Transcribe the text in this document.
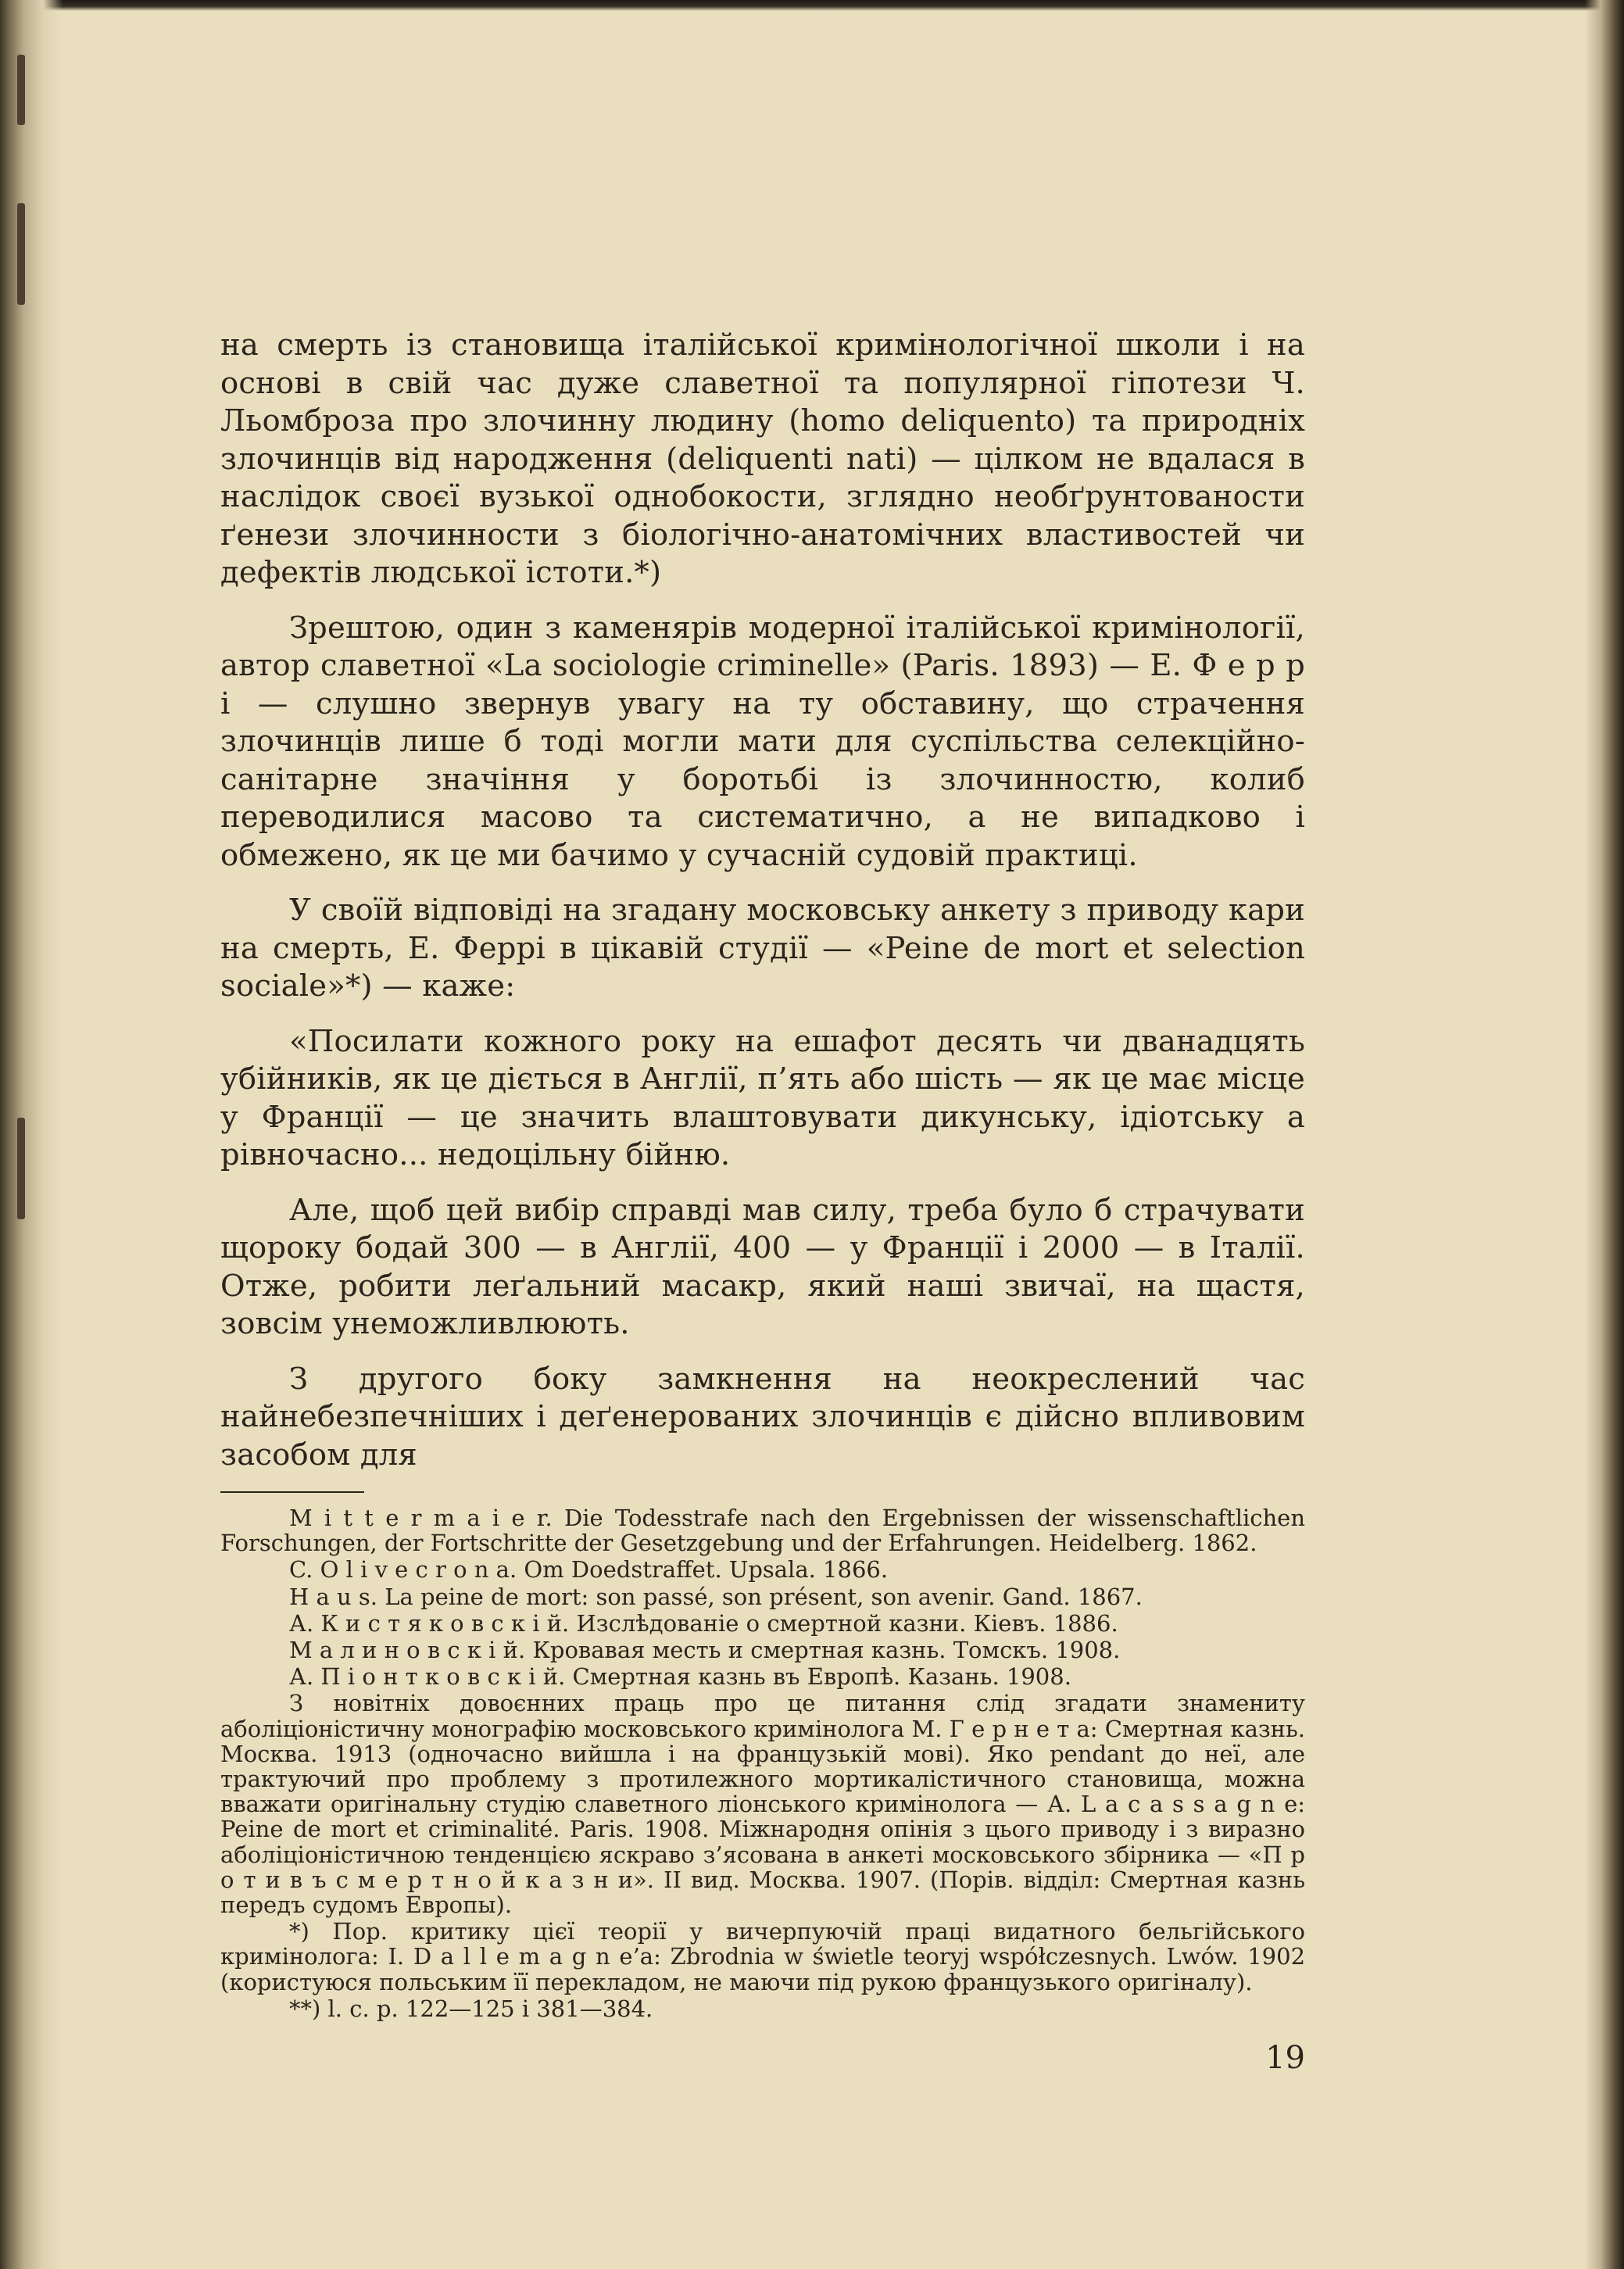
на смерть із становища італійської кримінологічної школи і на основі в свій час дуже славетної та популярної гіпотези Ч. Льомброза про злочинну людину (homo deliquento) та природніх злочинців від народження (deliquenti nati) — цілком не вдалася в наслідок своєї вузької однобокости, зглядно необґрунтованости ґенези злочинности з біологічно-анатомічних властивостей чи дефектів людської істоти.*)

Зрештою, один з каменярів модерної італійської кримінології, автор славетної «La sociologie criminelle» (Paris. 1893) — Е. Ф е р р і — слушно звернув увагу на ту обставину, що страчення злочинців лише б тоді могли мати для суспільства селекційно-санітарне значіння у боротьбі із злочинностю, колиб переводилися масово та систематично, а не випадково і обмежено, як це ми бачимо у сучасній судовій практиці.

У своїй відповіді на згадану московську анкету з приводу кари на смерть, Е. Феррі в цікавій студії — «Peine de mort et selection sociale»*) — каже:

«Посилати кожного року на ешафот десять чи дванадцять убійників, як це діється в Англії, п’ять або шість — як це має місце у Франції — це значить влаштовувати дикунську, ідіотську а рівночасно... недоцільну бійню.

Але, щоб цей вибір справді мав силу, треба було б страчувати щороку бодай 300 — в Англії, 400 — у Франції і 2000 — в Італії. Отже, робити леґальний масакр, який наші звичаї, на щастя, зовсім унеможливлюють.

З другого боку замкнення на неокреслений час найнебезпечніших і деґенерованих злочинців є дійсно впливовим засобом для

M i t t e r m a i e r. Die Todesstrafe nach den Ergebnissen der wissenschaftlichen Forschungen, der Fortschritte der Gesetzgebung und der Erfahrungen. Heidelberg. 1862.

C. O l i v e c r o n a. Om Doedstraffet. Upsala. 1866.

H a u s. La peine de mort: son passé, son présent, son avenir. Gand. 1867.

А. К и с т я к о в с к і й. Изслѣдованіе о смертной казни. Кіевъ. 1886.

М а л и н о в с к і й. Кровавая месть и смертная казнь. Томскъ. 1908.

А. П і о н т к о в с к і й. Смертная казнь въ Европѣ. Казань. 1908.

З новітніх довоєнних праць про це питання слід згадати знамениту аболіціоністичну монографію московського кримінолога М. Г е р н е т а: Смертная казнь. Москва. 1913 (одночасно вийшла і на французькій мові). Яко pendant до неї, але трактуючий про проблему з протилежного мортикалістичного становища, можна вважати оригінальну студію славетного ліонського кримінолога — А. L a c a s s a g n e: Peine de mort et criminalité. Paris. 1908. Міжнародня опінія з цього приводу і з виразно аболіціоністичною тенденцією яскраво з’ясована в анкеті московського збірника — «П р о т и в ъ с м е р т н о й к а з н и». II вид. Москва. 1907. (Порів. відділ: Смертная казнь передъ судомъ Европы).

*) Пор. критику цієї теорії у вичерпуючій праці видатного бельгійського кримінолога: І. D a l l e m a g n e’a: Zbrodnia w świetle teoryj współczesnych. Lwów. 1902 (користуюся польським її перекладом, не маючи під рукою французького оригіналу).

**) l. c. p. 122—125 і 381—384.

19
